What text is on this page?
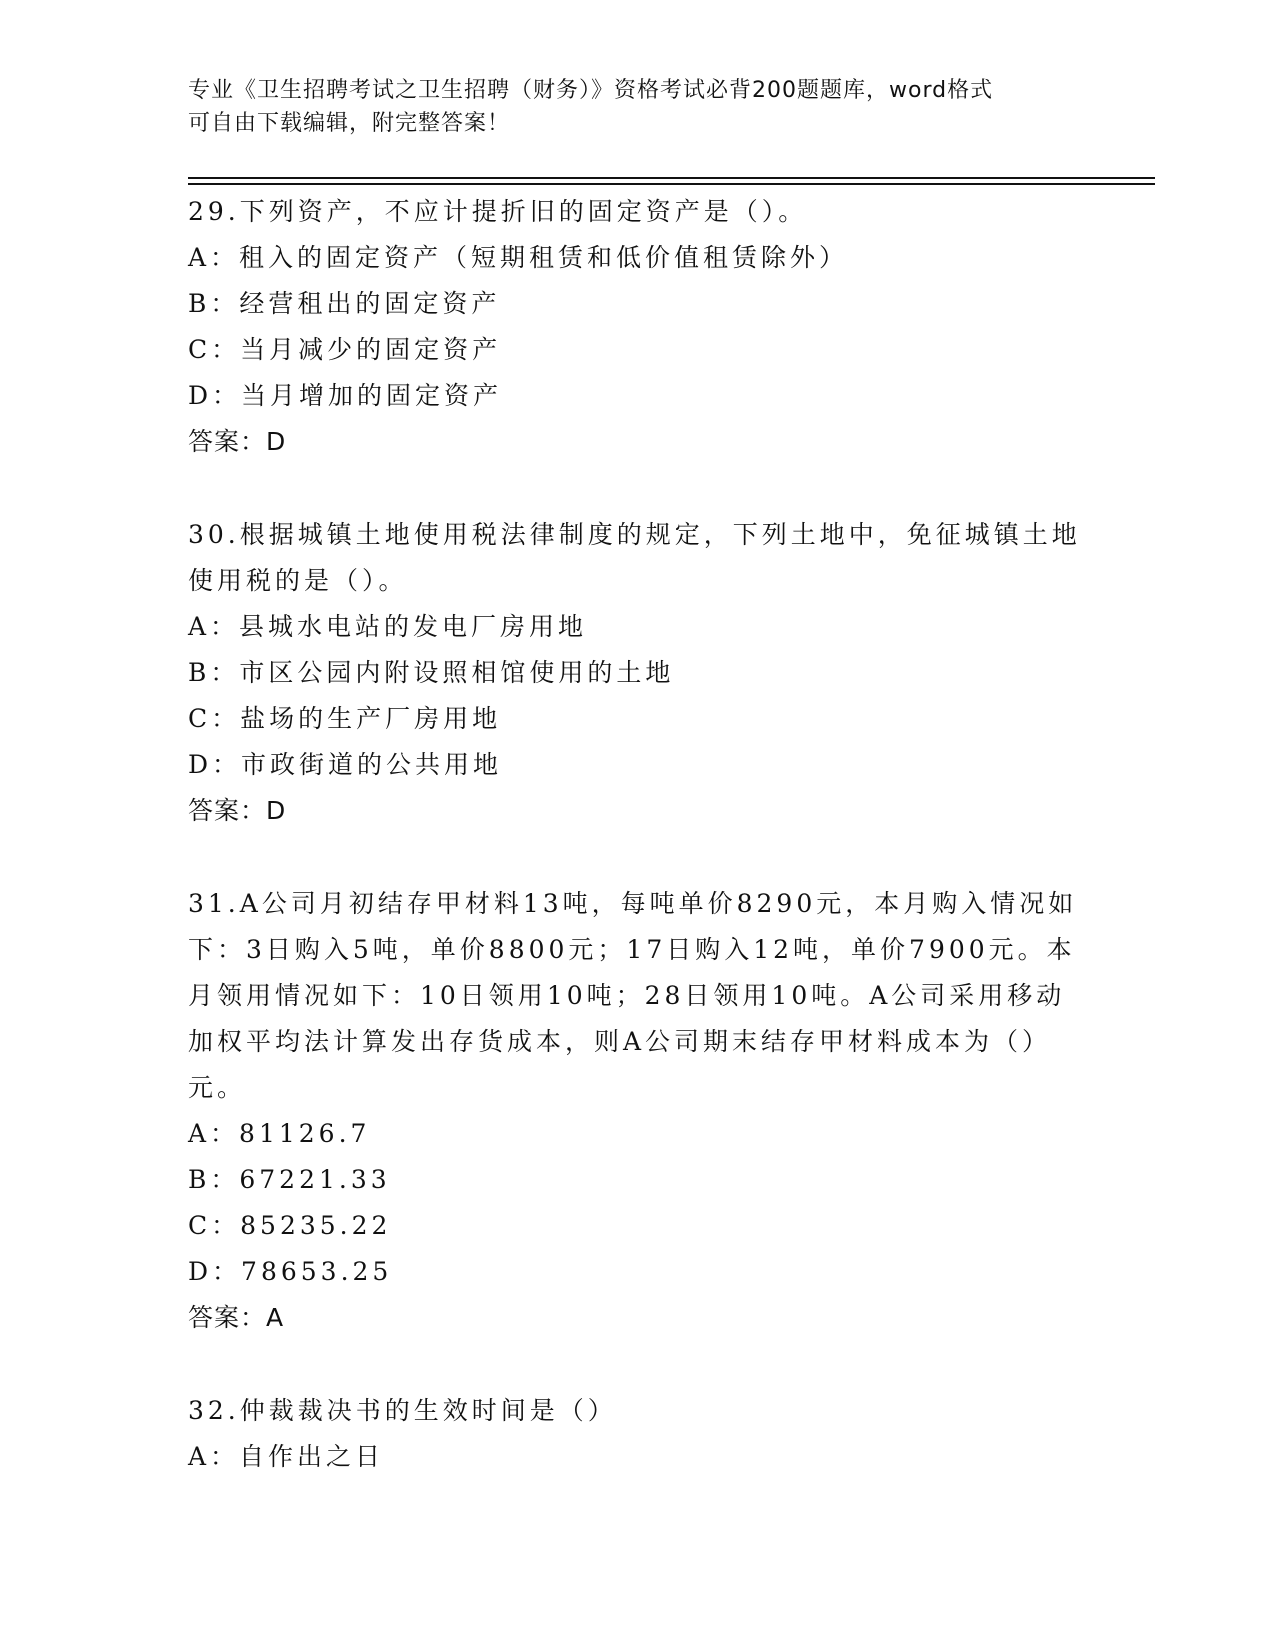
专业《卫生招聘考试之卫生招聘（财务）》资格考试必背200题题库，word格式
可自由下载编辑，附完整答案！
29.下列资产，不应计提折旧的固定资产是（）。
A：租入的固定资产（短期租赁和低价值租赁除外）
B：经营租出的固定资产
C：当月减少的固定资产
D：当月增加的固定资产
答案：D
30.根据城镇土地使用税法律制度的规定，下列土地中，免征城镇土地
使用税的是（）。
A：县城水电站的发电厂房用地
B：市区公园内附设照相馆使用的土地
C：盐场的生产厂房用地
D：市政街道的公共用地
答案：D
31.A公司月初结存甲材料13吨，每吨单价8290元，本月购入情况如
下：3日购入5吨，单价8800元；17日购入12吨，单价7900元。本
月领用情况如下：10日领用10吨；28日领用10吨。A公司采用移动
加权平均法计算发出存货成本，则A公司期末结存甲材料成本为（）
元。
A：81126.7
B：67221.33
C：85235.22
D：78653.25
答案：A
32.仲裁裁决书的生效时间是（）
A：自作出之日
